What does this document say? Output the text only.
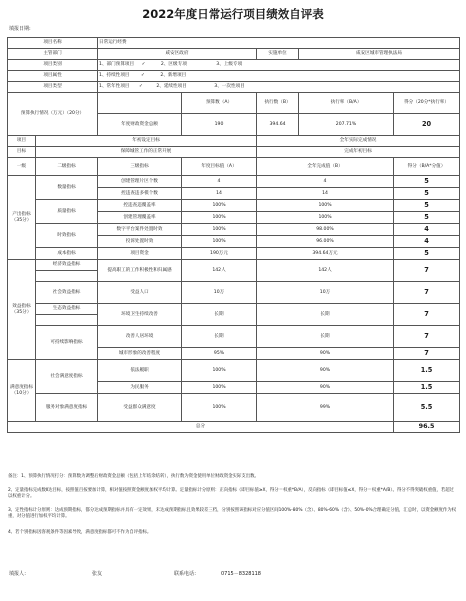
2022年度日常运行项目绩效自评表
填报日期:
项目名称		日常运行经费				
主管部门		咸安区政府		实施单位	咸安区城市管理执法局	
项目类别		1、部门预算项目 ✓ 2、区级专项 3、上级专项				
项目属性		1、持续性项目 ✓ 2、新增项目				
项目类型		1、常年性项目 ✓ 2、延续性项目 3、一次性项目				
预算执行情况（万元）（20分）			预算数（A）	执行数（B）	执行率（B/A）	得分（20分*执行率）
		年度财政资金总额	190	394.64	207.71%	20
项目	年初设定目标			全年实际完成情况		
目标	保障城管工作的正常开展			完成年初目标		
一级	二级指标	三级指标	年度目标值（A）	全年完成值（B）		得分（B/A*分值）
产出指标（35分）	数量指标	创建管理片区个数	4	4		5
		控违查违多模个数	14	14		5
	质量指标	控违查违覆盖率	100%	100%		5
		创建管理覆盖率	100%	100%		5
	时效指标	数字平台案件处置时效	100%	98.00%		4
		投诉处置时效	100%	96.00%		4
	成本指标	项目资金	190万元	394.64万元		5
效益指标（35分）	经济效益指标	提高职工的工作积极性和归属感	142人	142人		7

	社会效益指标	受益人口	10万	10万		7

	生态效益指标	环境卫生持续改善	长期	长期		7

	可持续影响指标	改善人居环境	长期	长期		7

		城市形象的改善程度	95%	90%		7
满意度指标（10分）	社会满意度指标	依法履职	100%	90%		1.5
		为民服务	100%	90%		1.5
	服务对象满意度指标	受益群众满意度	100%	99%		5.5

总分						96.5
备注：1、预算执行情况打分：预算数为调整后财政资金总额（包括上年结余结转），执行数为资金使用单位财政资金实际支出数。
2、定量指标完成数Ⅱ达目标，按照值百按要加计算，相对值按照资金额度加权平均计算。定量指标计分原则：正向指标（即目标值≥X，得分＝权重*B/A），反向指标（即目标值≤X，得分＝权重*A/B）。得分不得突破权重值，若超过以权重计分。
3、定性指标计分原则：达成预期指标，都分达成预期指标并具有一定效果，未达成预期指标且效果较差三档，分别按照该指标对应分值区间100%-80%（含）、80%-60%（含）、50%-0%合理确定分值，汇总时，以资金额度作为权重，对分值进行加权平均计算。
4、若个别指标因客观条件等因素导致，满意度指标都可不作为自评指标。
填报人：	张友	联系电话：	0715－8328118
